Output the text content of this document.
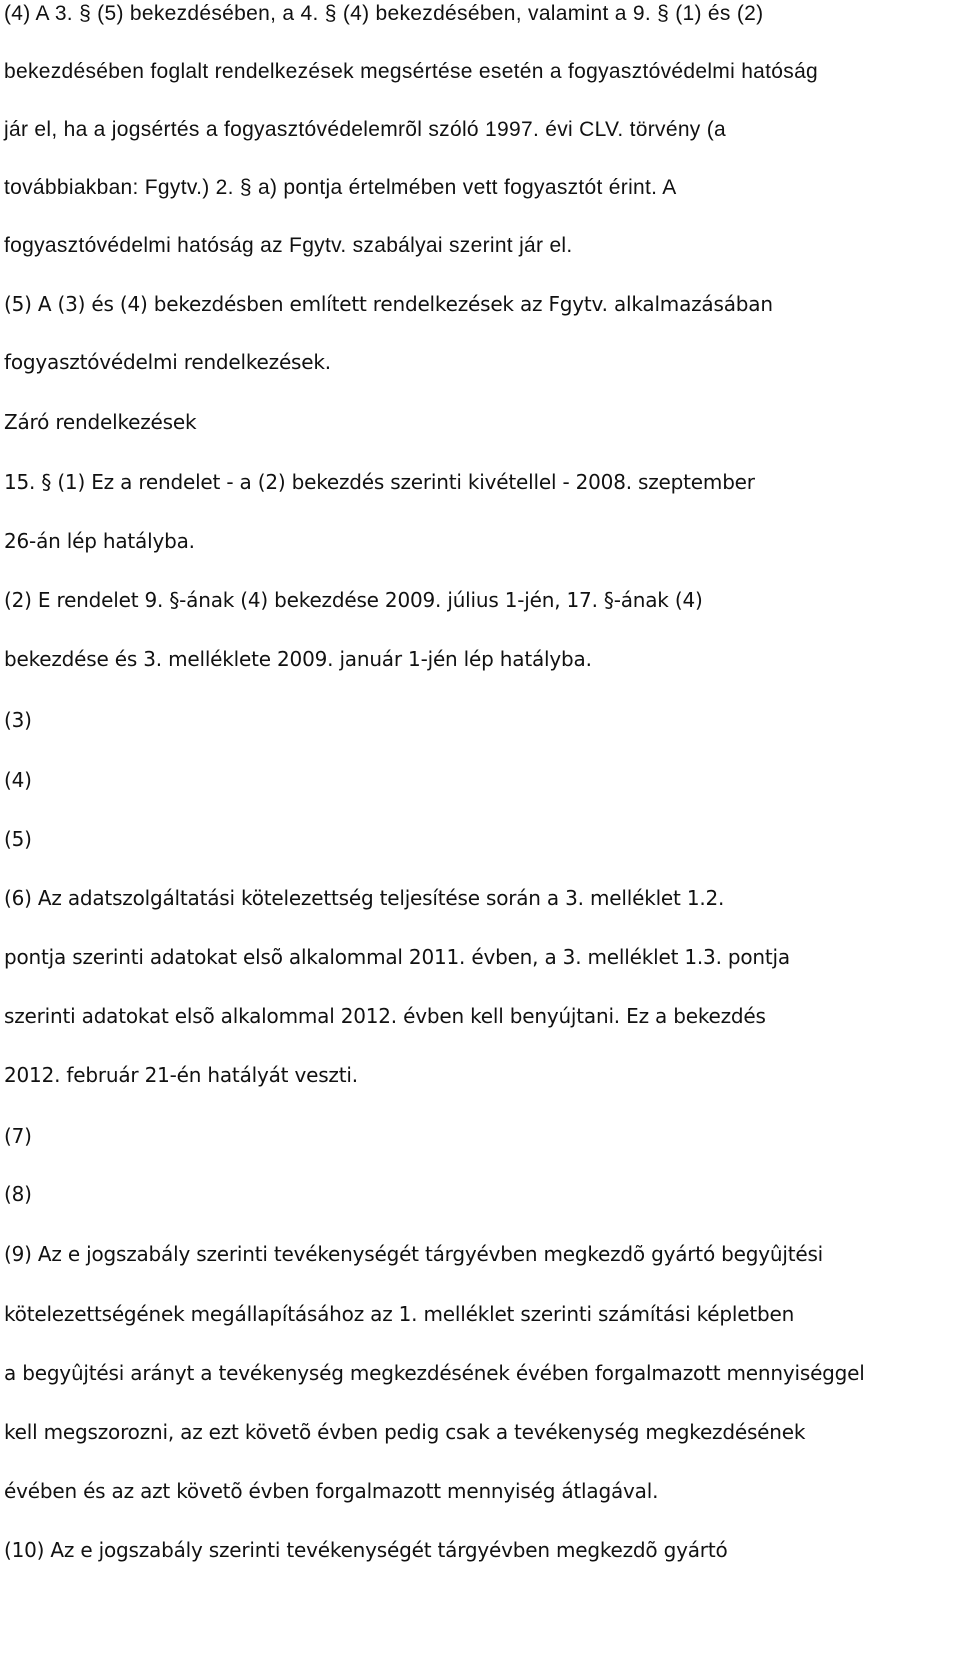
(4) A 3. § (5) bekezdésében, a 4. § (4) bekezdésében, valamint a 9. § (1) és (2)
bekezdésében foglalt rendelkezések megsértése esetén a fogyasztóvédelmi hatóság
jár el, ha a jogsértés a fogyasztóvédelemrõl szóló 1997. évi CLV. törvény (a
továbbiakban: Fgytv.) 2. § a) pontja értelmében vett fogyasztót érint. A
fogyasztóvédelmi hatóság az Fgytv. szabályai szerint jár el.
(5) A (3) és (4) bekezdésben említett rendelkezések az Fgytv. alkalmazásában
fogyasztóvédelmi rendelkezések.
Záró rendelkezések
15. § (1) Ez a rendelet - a (2) bekezdés szerinti kivétellel - 2008. szeptember
26-án lép hatályba.
(2) E rendelet 9. §-ának (4) bekezdése 2009. július 1-jén, 17. §-ának (4)
bekezdése és 3. melléklete 2009. január 1-jén lép hatályba.
(3)
(4)
(5)
(6) Az adatszolgáltatási kötelezettség teljesítése során a 3. melléklet 1.2.
pontja szerinti adatokat elsõ alkalommal 2011. évben, a 3. melléklet 1.3. pontja
szerinti adatokat elsõ alkalommal 2012. évben kell benyújtani. Ez a bekezdés
2012. február 21-én hatályát veszti.
(7)
(8)
(9) Az e jogszabály szerinti tevékenységét tárgyévben megkezdõ gyártó begyûjtési
kötelezettségének megállapításához az 1. melléklet szerinti számítási képletben
a begyûjtési arányt a tevékenység megkezdésének évében forgalmazott mennyiséggel
kell megszorozni, az ezt követõ évben pedig csak a tevékenység megkezdésének
évében és az azt követõ évben forgalmazott mennyiség átlagával.
(10) Az e jogszabály szerinti tevékenységét tárgyévben megkezdõ gyártó
